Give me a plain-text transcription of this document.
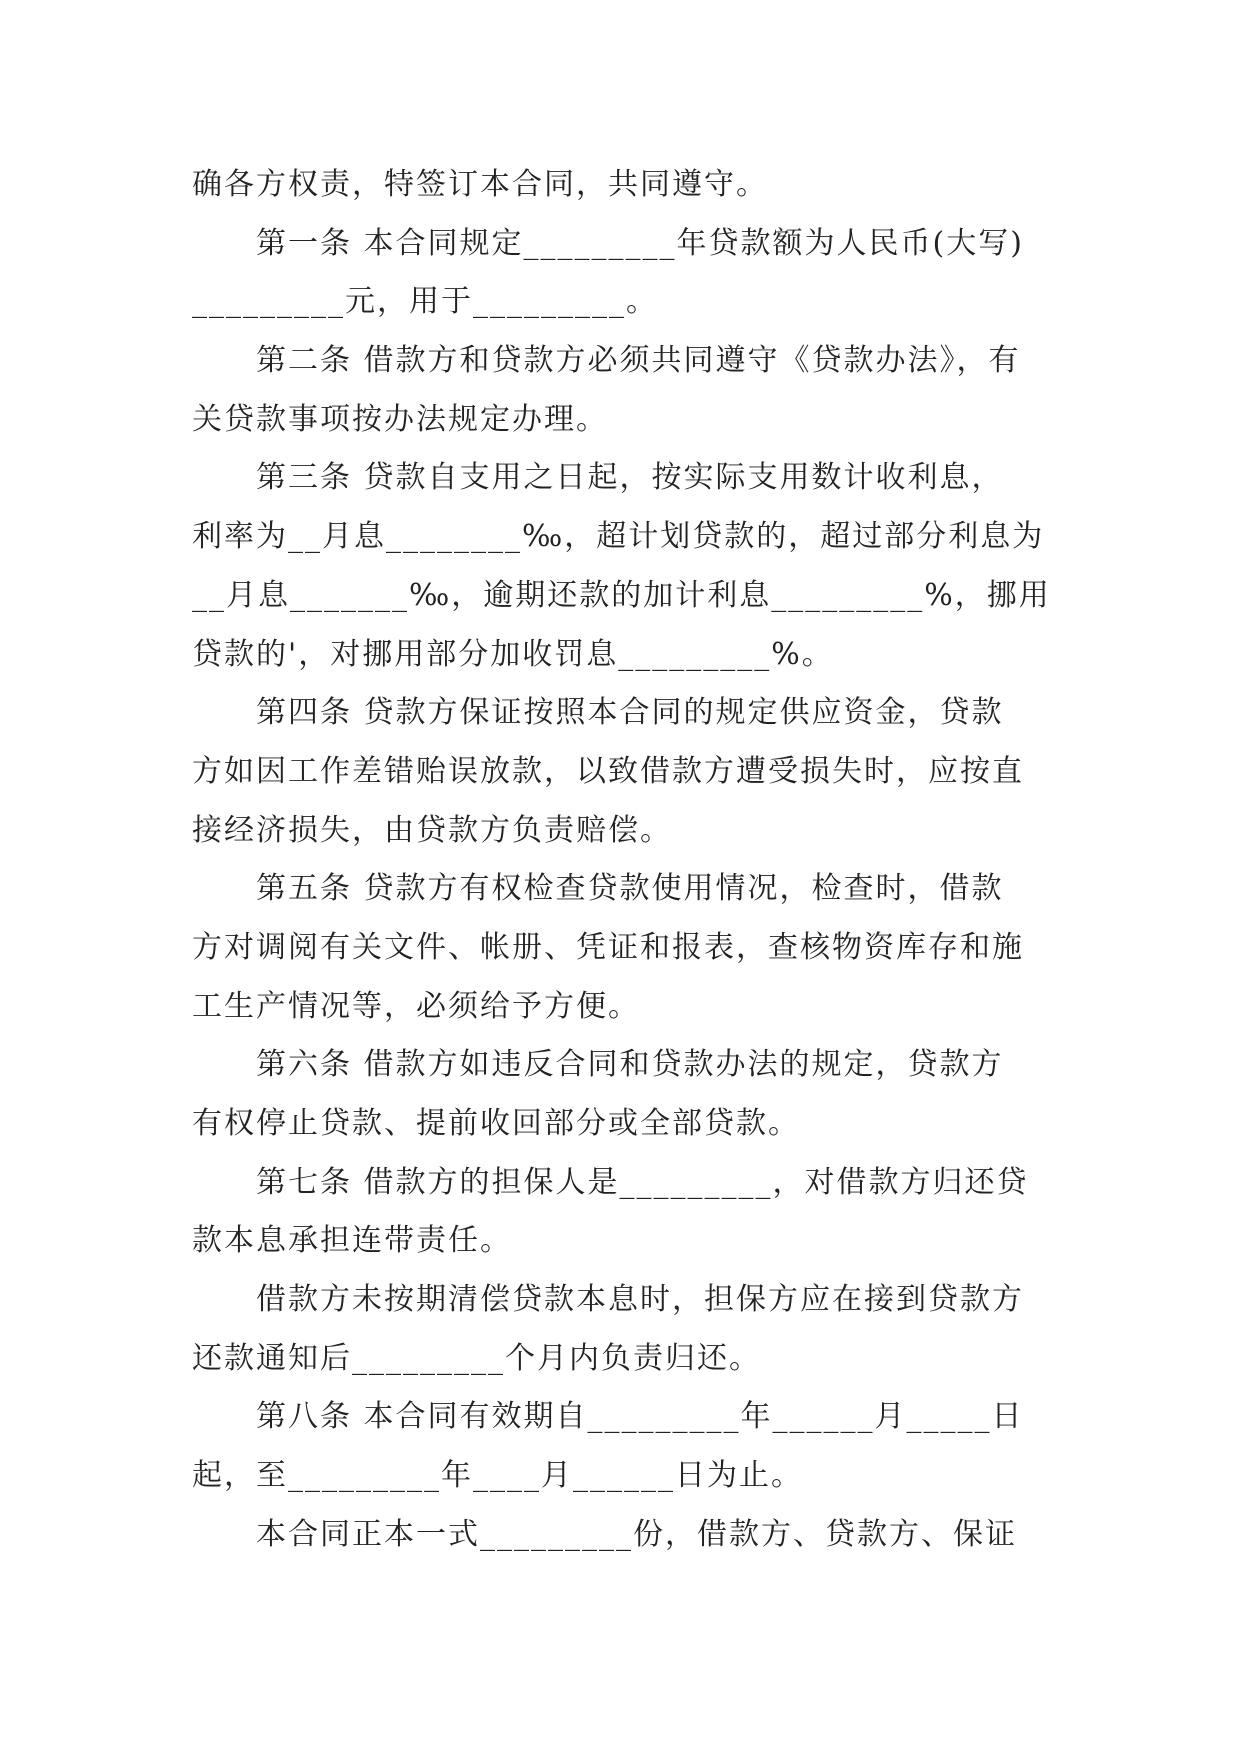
确各方权责，特签订本合同，共同遵守。
　　第一条 本合同规定_________年贷款额为人民币(大写)
_________元，用于_________。
　　第二条 借款方和贷款方必须共同遵守《贷款办法》，有
关贷款事项按办法规定办理。
　　第三条 贷款自支用之日起，按实际支用数计收利息，
利率为__月息________‰，超计划贷款的，超过部分利息为
__月息_______‰，逾期还款的加计利息_________%，挪用
贷款的'，对挪用部分加收罚息_________%。
　　第四条 贷款方保证按照本合同的规定供应资金，贷款
方如因工作差错贻误放款，以致借款方遭受损失时，应按直
接经济损失，由贷款方负责赔偿。
　　第五条 贷款方有权检查贷款使用情况，检查时，借款
方对调阅有关文件、帐册、凭证和报表，查核物资库存和施
工生产情况等，必须给予方便。
　　第六条 借款方如违反合同和贷款办法的规定，贷款方
有权停止贷款、提前收回部分或全部贷款。
　　第七条 借款方的担保人是_________，对借款方归还贷
款本息承担连带责任。
　　借款方未按期清偿贷款本息时，担保方应在接到贷款方
还款通知后_________个月内负责归还。
　　第八条 本合同有效期自_________年______月_____日
起，至_________年____月______日为止。
　　本合同正本一式_________份，借款方、贷款方、保证
